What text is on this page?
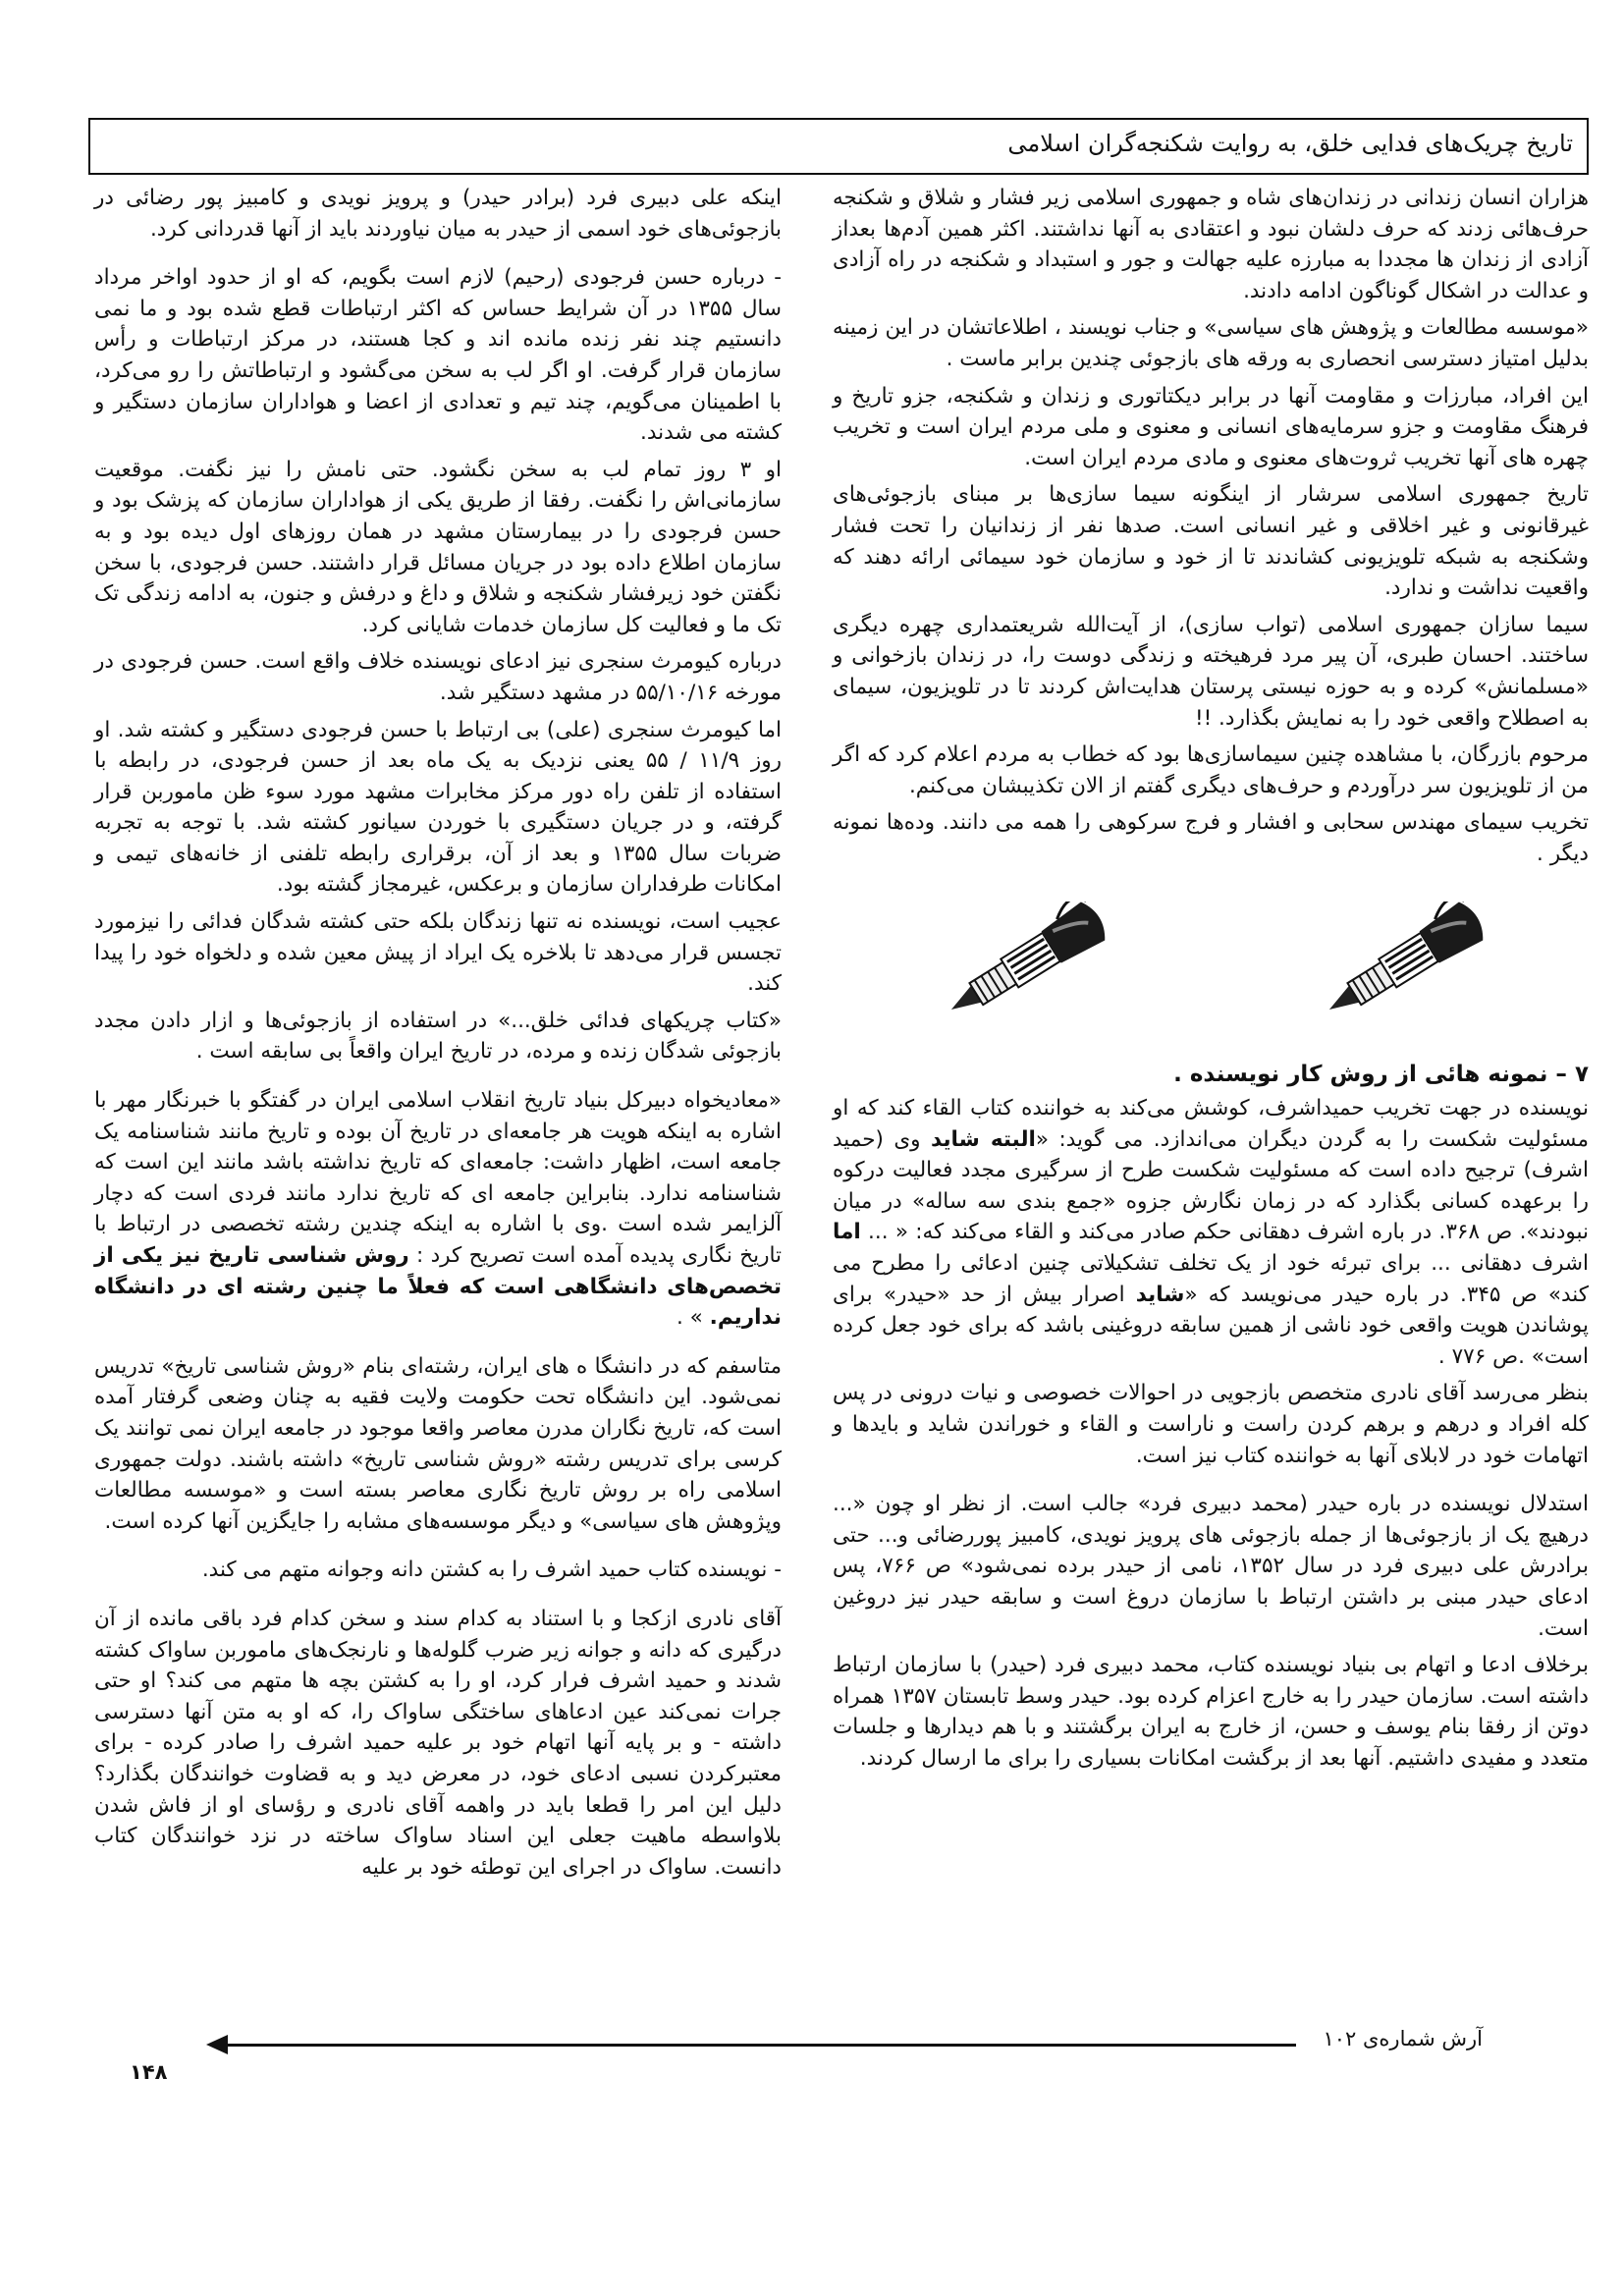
تاریخ چریک‌های فدایی خلق، به روایت شکنجه‌گران اسلامی

هزاران انسان زندانی در زندان‌های شاه و جمهوری اسلامی زیر فشار و شلاق و شکنجه حرف‌هائی زدند که حرف دلشان نبود و اعتقادی به آنها نداشتند. اکثر همین آدم‌ها بعداز آزادی از زندان ها مجددا به مبارزه علیه جهالت و جور و استبداد و شکنجه در راه آزادی و عدالت در اشکال گوناگون ادامه دادند.

«موسسه مطالعات و پژوهش های سیاسی» و جناب نویسند ، اطلاعاتشان در این زمینه بدلیل امتیاز دسترسی انحصاری به ورقه های بازجوئی چندین برابر ماست .

این افراد، مبارزات و مقاومت آنها در برابر دیکتاتوری و زندان و شکنجه، جزو تاریخ و فرهنگ مقاومت و جزو سرمایه‌های انسانی و معنوی و ملی مردم ایران است و تخریب چهره های آنها تخریب ثروت‌های معنوی و مادی مردم ایران است.

تاریخ جمهوری اسلامی سرشار از اینگونه سیما سازی‌ها بر مبنای بازجوئی‌های غیرقانونی و غیر اخلاقی و غیر انسانی است. صدها نفر از زندانیان را تحت فشار وشکنجه به شبکه تلویزیونی کشاندند تا از خود و سازمان خود سیمائی ارائه دهند که واقعیت نداشت و ندارد.

سیما سازان جمهوری اسلامی (تواب سازی)، از آیت‌الله شریعتمداری چهره دیگری ساختند. احسان طبری، آن پیر مرد فرهیخته و زندگی دوست را، در زندان بازخوانی و «مسلمانش» کرده و به حوزه نیستی پرستان هدایت‌اش کردند تا در تلویزیون، سیمای به اصطلاح واقعی خود را به نمایش بگذارد. !!

مرحوم بازرگان، با مشاهده چنین سیماسازی‌ها بود که خطاب به مردم اعلام کرد که اگر من از تلویزیون سر درآوردم و حرف‌های دیگری گفتم از الان تکذیبشان می‌کنم.

تخریب سیمای مهندس سحابی و افشار و فرج سرکوهی را همه می دانند. وده‌ها نمونه دیگر .

۷ – نمونه هائی از روش کار نویسنده .

نویسنده در جهت تخریب حمیداشرف، کوشش می‌کند به خواننده کتاب القاء کند که او مسئولیت شکست را به گردن دیگران می‌اندازد. می گوید: «البته شاید وی (حمید اشرف) ترجیح داده است که مسئولیت شکست طرح از سرگیری مجدد فعالیت درکوه را برعهده کسانی بگذارد که در زمان نگارش جزوه «جمع بندی سه ساله» در میان نبودند». ص ۳۶۸. در باره اشرف دهقانی حکم صادر می‌کند و القاء می‌کند که: « ... اما اشرف دهقانی ... برای تبرئه خود از یک تخلف تشکیلاتی چنین ادعائی را مطرح می کند» ص ۳۴۵. در باره حیدر می‌نویسد که «شاید اصرار بیش از حد «حیدر» برای پوشاندن هویت واقعی خود ناشی از همین سابقه دروغینی باشد که برای خود جعل کرده است» .ص ۷۷۶ .

بنظر می‌رسد آقای نادری متخصص بازجویی در احوالات خصوصی و نیات درونی در پس کله افراد و درهم و برهم کردن راست و ناراست و القاء و خوراندن شاید و بایدها و اتهامات خود در لابلای آنها به خواننده کتاب نیز است.

استدلال نویسنده در باره حیدر (محمد دبیری فرد» جالب است. از نظر او چون «... درهیچ یک از بازجوئی‌ها از جمله بازجوئی های پرویز نویدی، کامبیز پوررضائی و... حتی برادرش علی دبیری فرد در سال ۱۳۵۲، نامی از حیدر برده نمی‌شود» ص ۷۶۶، پس ادعای حیدر مبنی بر داشتن ارتباط با سازمان دروغ است و سابقه حیدر نیز دروغین است.

برخلاف ادعا و اتهام بی بنیاد نویسنده کتاب، محمد دبیری فرد (حیدر) با سازمان ارتباط داشته است. سازمان حیدر را به خارج اعزام کرده بود. حیدر وسط تابستان ۱۳۵۷ همراه دوتن از رفقا بنام یوسف و حسن، از خارج به ایران برگشتند و با هم دیدارها و جلسات متعدد و مفیدی داشتیم. آنها بعد از برگشت امکانات بسیاری را برای ما ارسال کردند.

اینکه علی دبیری فرد (برادر حیدر) و پرویز نویدی و کامبیز پور رضائی در بازجوئی‌های خود اسمی از حیدر به میان نیاوردند باید از آنها قدردانی کرد.

- درباره حسن فرجودی (رحیم) لازم است بگویم، که او از حدود اواخر مرداد سال ۱۳۵۵ در آن شرایط حساس که اکثر ارتباطات قطع شده بود و ما نمی دانستیم چند نفر زنده مانده اند و کجا هستند، در مرکز ارتباطات و رأس سازمان قرار گرفت. او اگر لب به سخن می‌گشود و ارتباطاتش را رو می‌کرد، با اطمینان می‌گویم، چند تیم و تعدادی از اعضا و هواداران سازمان دستگیر و کشته می شدند.

او ۳ روز تمام لب به سخن نگشود. حتی نامش را نیز نگفت. موقعیت سازمانی‌اش را نگفت. رفقا از طریق یکی از هواداران سازمان که پزشک بود و حسن فرجودی را در بیمارستان مشهد در همان روزهای اول دیده بود و به سازمان اطلاع داده بود در جریان مسائل قرار داشتند. حسن فرجودی، با سخن نگفتن خود زیرفشار شکنجه و شلاق و داغ و درفش و جنون، به ادامه زندگی تک تک ما و فعالیت کل سازمان خدمات شایانی کرد.

درباره کیومرث سنجری نیز ادعای نویسنده خلاف واقع است. حسن فرجودی در مورخه ۵۵/۱۰/۱۶ در مشهد دستگیر شد.

اما کیومرث سنجری (علی) بی ارتباط با حسن فرجودی دستگیر و کشته شد. او روز ۱۱/۹ / ۵۵ یعنی نزدیک به یک ماه بعد از حسن فرجودی، در رابطه با استفاده از تلفن راه دور مرکز مخابرات مشهد مورد سوء ظن ماموربن قرار گرفته، و در جریان دستگیری با خوردن سیانور کشته شد. با توجه به تجربه ضربات سال ۱۳۵۵ و بعد از آن، برقراری رابطه تلفنی از خانه‌های تیمی و امکانات طرفداران سازمان و برعکس، غیرمجاز گشته بود.

عجیب است، نویسنده نه تنها زندگان بلکه حتی کشته شدگان فدائی را نیزمورد تجسس قرار می‌دهد تا بلاخره یک ایراد از پیش معین شده و دلخواه خود را پیدا کند.

«کتاب چریکهای فدائی خلق...» در استفاده از بازجوئی‌ها و ازار دادن مجدد بازجوئی شدگان زنده و مرده، در تاریخ ایران واقعاً بی سابقه است .

«معادیخواه دبیرکل بنیاد تاریخ انقلاب اسلامی ایران در گفتگو با خبرنگار مهر با اشاره به اینکه هویت هر جامعه‌ای در تاریخ آن بوده و تاریخ مانند شناسنامه یک جامعه است، اظهار داشت: جامعه‌ای که تاریخ نداشته باشد مانند این است که شناسنامه ندارد. بنابراین جامعه ای که تاریخ ندارد مانند فردی است که دچار آلزایمر شده است .وی با اشاره به اینکه چندین رشته تخصصی در ارتباط با تاریخ نگاری پدیده آمده است تصریح کرد : روش شناسی تاریخ نیز یکی از تخصص‌های دانشگاهی است که فعلاً ما چنین رشته ای در دانشگاه نداریم. » .

متاسفم که در دانشگا ه های ایران، رشته‌ای بنام «روش شناسی تاریخ» تدریس نمی‌شود. این دانشگاه تحت حکومت ولایت فقیه به چنان وضعی گرفتار آمده است که، تاریخ نگاران مدرن معاصر واقعا موجود در جامعه ایران نمی توانند یک کرسی برای تدریس رشته «روش شناسی تاریخ» داشته باشند. دولت جمهوری اسلامی راه بر روش تاریخ نگاری معاصر بسته است و «موسسه مطالعات وپژوهش های سیاسی» و دیگر موسسه‌های مشابه را جایگزین آنها کرده است.

- نویسنده کتاب حمید اشرف را به کشتن دانه وجوانه متهم می کند.

آقای نادری ازکجا و با استناد به کدام سند و سخن کدام فرد باقی مانده از آن درگیری که دانه و جوانه زیر ضرب گلوله‌ها و نارنجک‌های ماموربن ساواک کشته شدند و حمید اشرف فرار کرد، او را به کشتن بچه ها متهم می کند؟ او حتی جرات نمی‌کند عین ادعاهای ساختگی ساواک را، که او به متن آنها دسترسی داشته - و بر پایه آنها اتهام خود بر علیه حمید اشرف را صادر کرده - برای معتبرکردن نسبی ادعای خود، در معرض دید و به قضاوت خوانندگان بگذارد؟ دلیل این امر را قطعا باید در واهمه آقای نادری و رؤسای او از فاش شدن بلاواسطه ماهیت جعلی این اسناد ساواک ساخته در نزد خوانندگان کتاب دانست. ساواک در اجرای این توطئه خود بر علیه

آرش شماره‌ی ۱۰۲
۱۴۸
